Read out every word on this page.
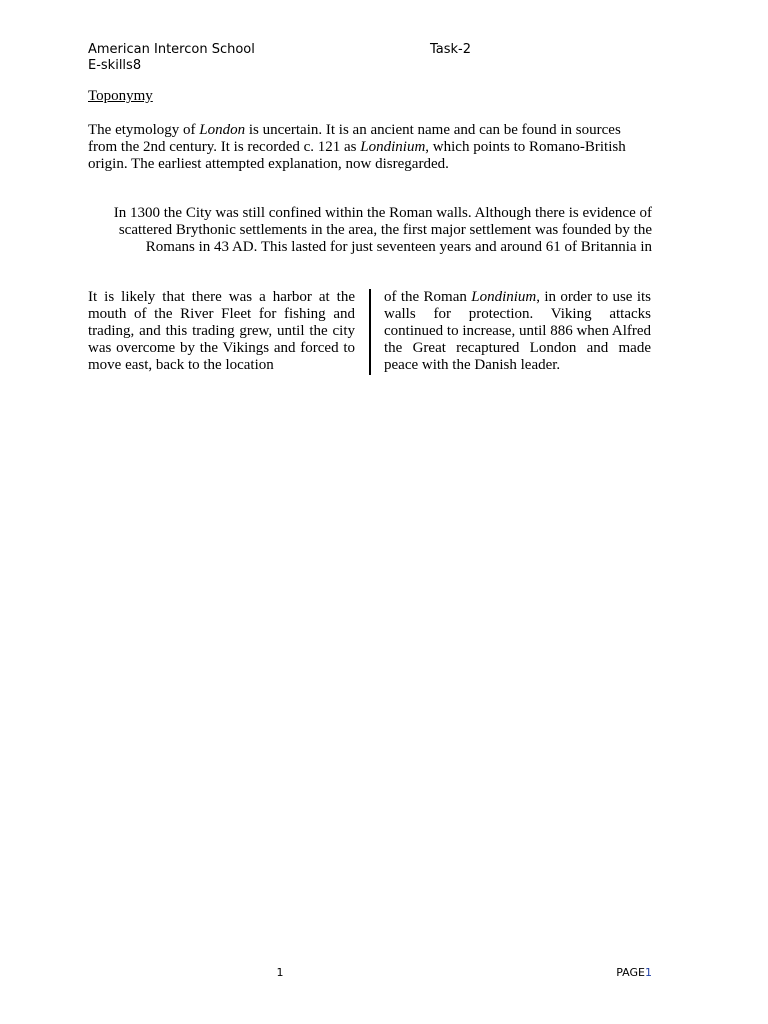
American Intercon School
E-skills8
Task-2
Toponymy
The etymology of London is uncertain. It is an ancient name and can be found in sources from the 2nd century. It is recorded c. 121 as Londinium, which points to Romano-British origin. The earliest attempted explanation, now disregarded.
In 1300 the City was still confined within the Roman walls. Although there is evidence of scattered Brythonic settlements in the area, the first major settlement was founded by the Romans in 43 AD. This lasted for just seventeen years and around 61 of Britannia in
It is likely that there was a harbor at the mouth of the River Fleet for fishing and trading, and this trading grew, until the city was overcome by the Vikings and forced to move east, back to the location
of the Roman Londinium, in order to use its walls for protection. Viking attacks continued to increase, until 886 when Alfred the Great recaptured London and made peace with the Danish leader.
1	PAGE1
